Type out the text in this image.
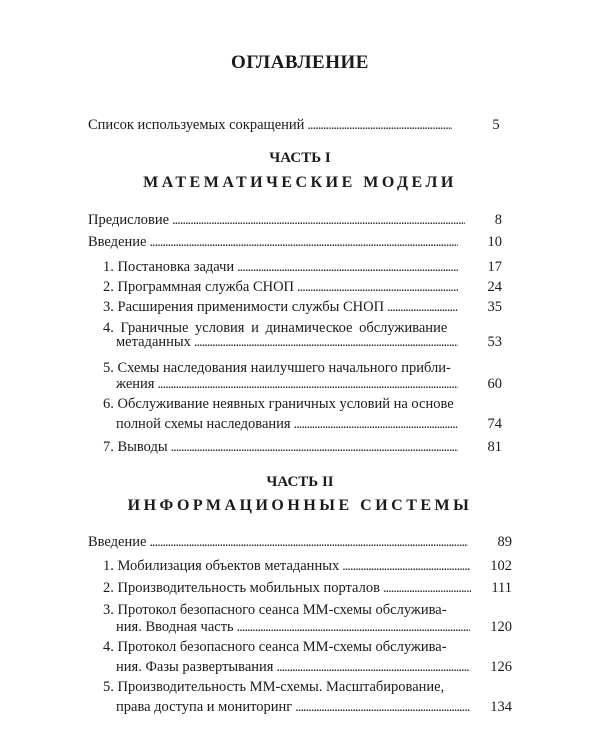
ОГЛАВЛЕНИЕ
Список используемых сокращений . . .	5
ЧАСТЬ I
МАТЕМАТИЧЕСКИЕ МОДЕЛИ
Предисловие . . .	8
Введение . . .	10
1. Постановка задачи . . .	17
2. Программная служба СНОП . . .	24
3. Расширения применимости службы СНОП . . .	35
4. Граничные условия и динамическое обслуживание
метаданных . . .	53
5. Схемы наследования наилучшего начального прибли-
жения . . .	60
6. Обслуживание неявных граничных условий на основе
полной схемы наследования . . .	74
7. Выводы . . .	81
ЧАСТЬ II
ИНФОРМАЦИОННЫЕ СИСТЕМЫ
Введение . . .	89
1. Мобилизация объектов метаданных . . .	102
2. Производительность мобильных порталов . . .	111
3. Протокол безопасного сеанса ММ-схемы обслужива-
ния. Вводная часть . . .	120
4. Протокол безопасного сеанса ММ-схемы обслужива-
ния. Фазы развертывания . . .	126
5. Производительность ММ-схемы. Масштабирование,
права доступа и мониторинг . . .	134
